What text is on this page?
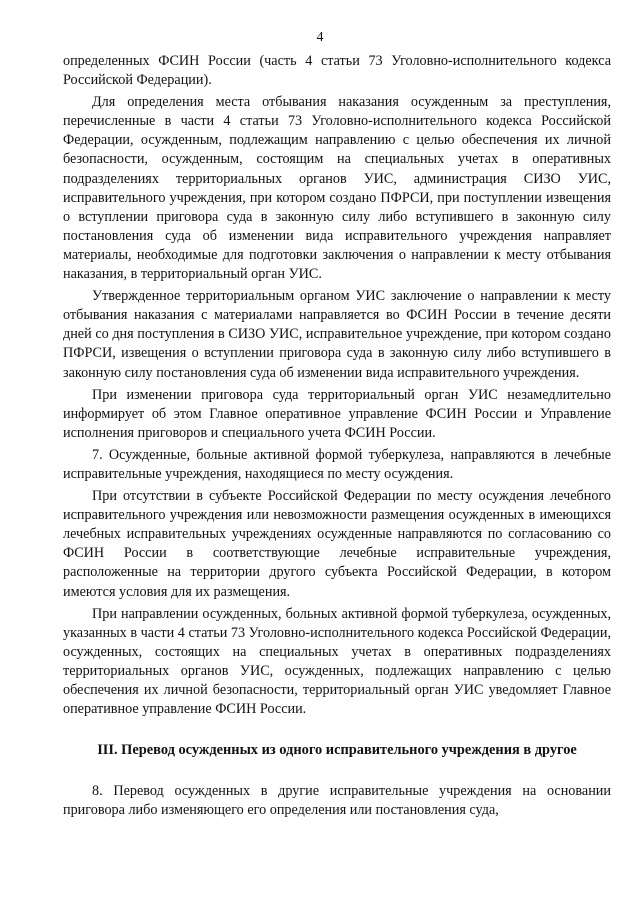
4

определенных ФСИН России (часть 4 статьи 73 Уголовно-исполнительного кодекса Российской Федерации).

Для определения места отбывания наказания осужденным за преступления, перечисленные в части 4 статьи 73 Уголовно-исполнительного кодекса Российской Федерации, осужденным, подлежащим направлению с целью обеспечения их личной безопасности, осужденным, состоящим на специальных учетах в оперативных подразделениях территориальных органов УИС, администрация СИЗО УИС, исправительного учреждения, при котором создано ПФРСИ, при поступлении извещения о вступлении приговора суда в законную силу либо вступившего в законную силу постановления суда об изменении вида исправительного учреждения направляет материалы, необходимые для подготовки заключения о направлении к месту отбывания наказания, в территориальный орган УИС.

Утвержденное территориальным органом УИС заключение о направлении к месту отбывания наказания с материалами направляется во ФСИН России в течение десяти дней со дня поступления в СИЗО УИС, исправительное учреждение, при котором создано ПФРСИ, извещения о вступлении приговора суда в законную силу либо вступившего в законную силу постановления суда об изменении вида исправительного учреждения.

При изменении приговора суда территориальный орган УИС незамедлительно информирует об этом Главное оперативное управление ФСИН России и Управление исполнения приговоров и специального учета ФСИН России.

7. Осужденные, больные активной формой туберкулеза, направляются в лечебные исправительные учреждения, находящиеся по месту осуждения.

При отсутствии в субъекте Российской Федерации по месту осуждения лечебного исправительного учреждения или невозможности размещения осужденных в имеющихся лечебных исправительных учреждениях осужденные направляются по согласованию со ФСИН России в соответствующие лечебные исправительные учреждения, расположенные на территории другого субъекта Российской Федерации, в котором имеются условия для их размещения.

При направлении осужденных, больных активной формой туберкулеза, осужденных, указанных в части 4 статьи 73 Уголовно-исполнительного кодекса Российской Федерации, осужденных, состоящих на специальных учетах в оперативных подразделениях территориальных органов УИС, осужденных, подлежащих направлению с целью обеспечения их личной безопасности, территориальный орган УИС уведомляет Главное оперативное управление ФСИН России.

III. Перевод осужденных из одного исправительного учреждения в другое

8. Перевод осужденных в другие исправительные учреждения на основании приговора либо изменяющего его определения или постановления суда,
